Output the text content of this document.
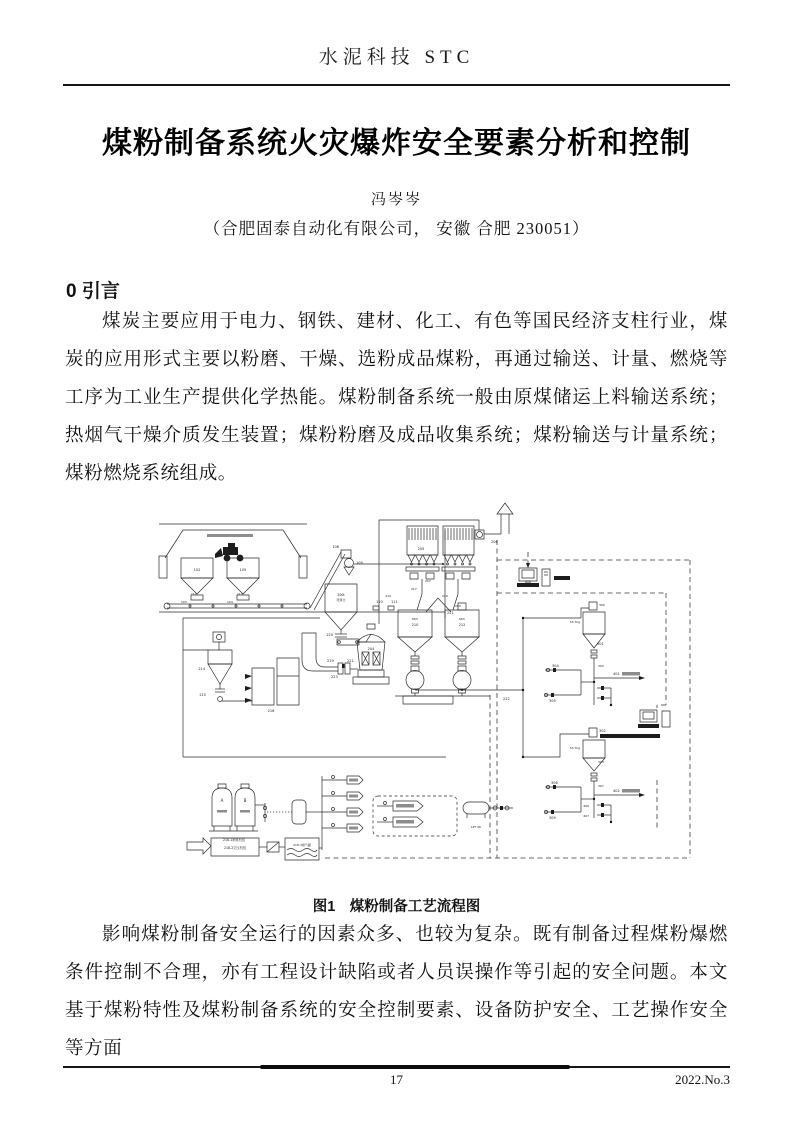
水泥科技 STC
煤粉制备系统火灾爆炸安全要素分析和控制
冯岑岑
（合肥固泰自动化有限公司， 安徽 合肥 230051）
0 引言

煤炭主要应用于电力、钢铁、建材、化工、有色等国民经济支柱行业，煤炭的应用形式主要以粉磨、干燥、选粉成品煤粉，再通过输送、计量、燃烧等工序为工业生产提供化学热能。煤粉制备系统一般由原煤储运上料输送系统；热烟气干燥介质发生装置；煤粉粉磨及成品收集系统；煤粉输送与计量系统；煤粉燃烧系统组成。

102	105
112
103
113
104	110 111
106
109
200t
原煤仓
220
204
216
219
223
221
214
215
205
207
209
217
219	219
206
6t/h
210
6t/h
212
221
222
300
33.7kg
301
303
304
305
401
302
33.7kg
303
307
306
309
402
406
407
A	B
218-1制氮机组
218-2空压机组
218-3储气罐
LPT 5K
图1　煤粉制备工艺流程图

影响煤粉制备安全运行的因素众多、也较为复杂。既有制备过程煤粉爆燃条件控制不合理，亦有工程设计缺陷或者人员误操作等引起的安全问题。本文基于煤粉特性及煤粉制备系统的安全控制要素、设备防护安全、工艺操作安全等方面

17	2022.No.3
